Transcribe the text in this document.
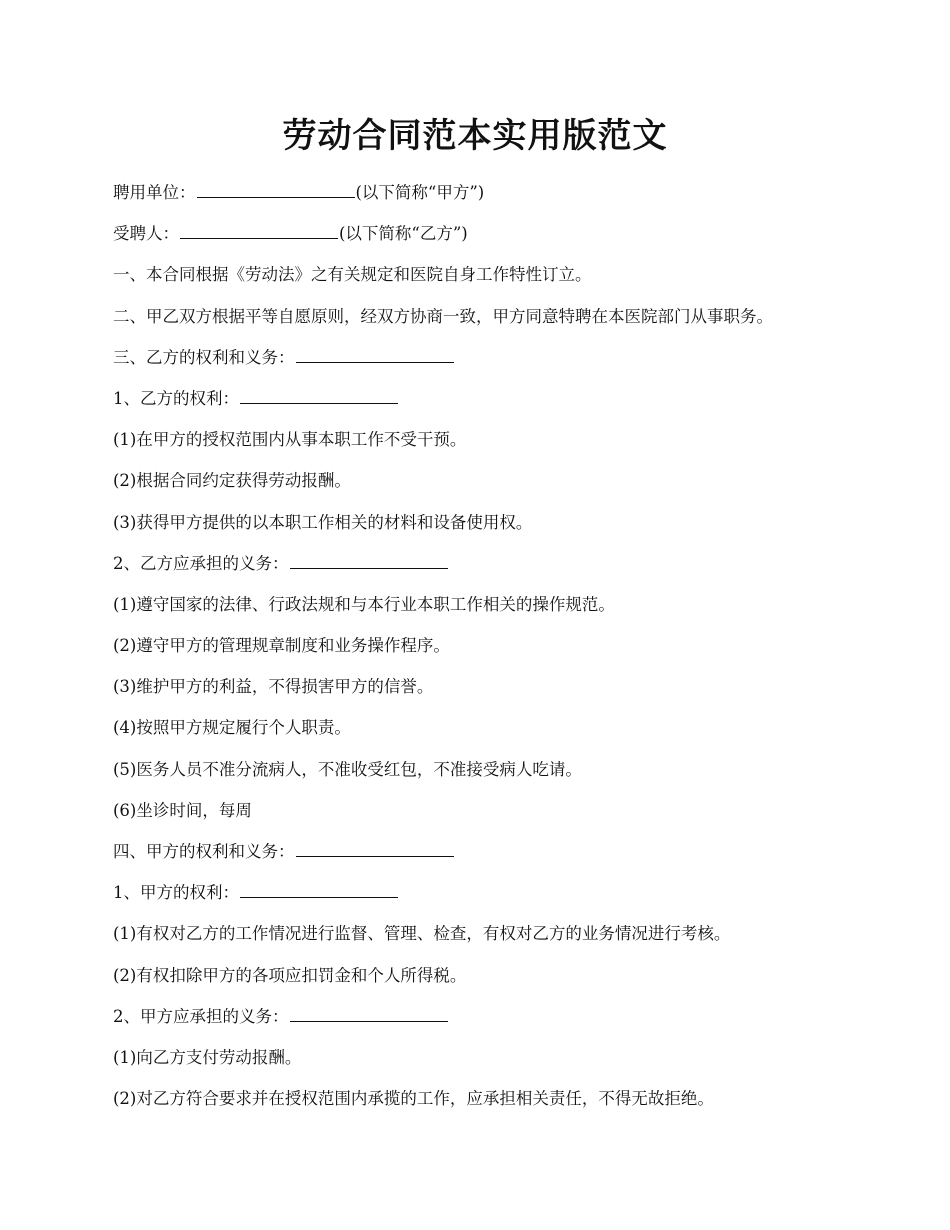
劳动合同范本实用版范文
聘用单位：	(以下简称“甲方”)
受聘人：	(以下简称“乙方”)
一、本合同根据《劳动法》之有关规定和医院自身工作特性订立。
二、甲乙双方根据平等自愿原则，经双方协商一致，甲方同意特聘在本医院部门从事职务。
三、乙方的权利和义务：
1、乙方的权利：
(1)在甲方的授权范围内从事本职工作不受干预。
(2)根据合同约定获得劳动报酬。
(3)获得甲方提供的以本职工作相关的材料和设备使用权。
2、乙方应承担的义务：
(1)遵守国家的法律、行政法规和与本行业本职工作相关的操作规范。
(2)遵守甲方的管理规章制度和业务操作程序。
(3)维护甲方的利益，不得损害甲方的信誉。
(4)按照甲方规定履行个人职责。
(5)医务人员不准分流病人，不准收受红包，不准接受病人吃请。
(6)坐诊时间，每周
四、甲方的权利和义务：
1、甲方的权利：
(1)有权对乙方的工作情况进行监督、管理、检查，有权对乙方的业务情况进行考核。
(2)有权扣除甲方的各项应扣罚金和个人所得税。
2、甲方应承担的义务：
(1)向乙方支付劳动报酬。
(2)对乙方符合要求并在授权范围内承揽的工作，应承担相关责任，不得无故拒绝。
